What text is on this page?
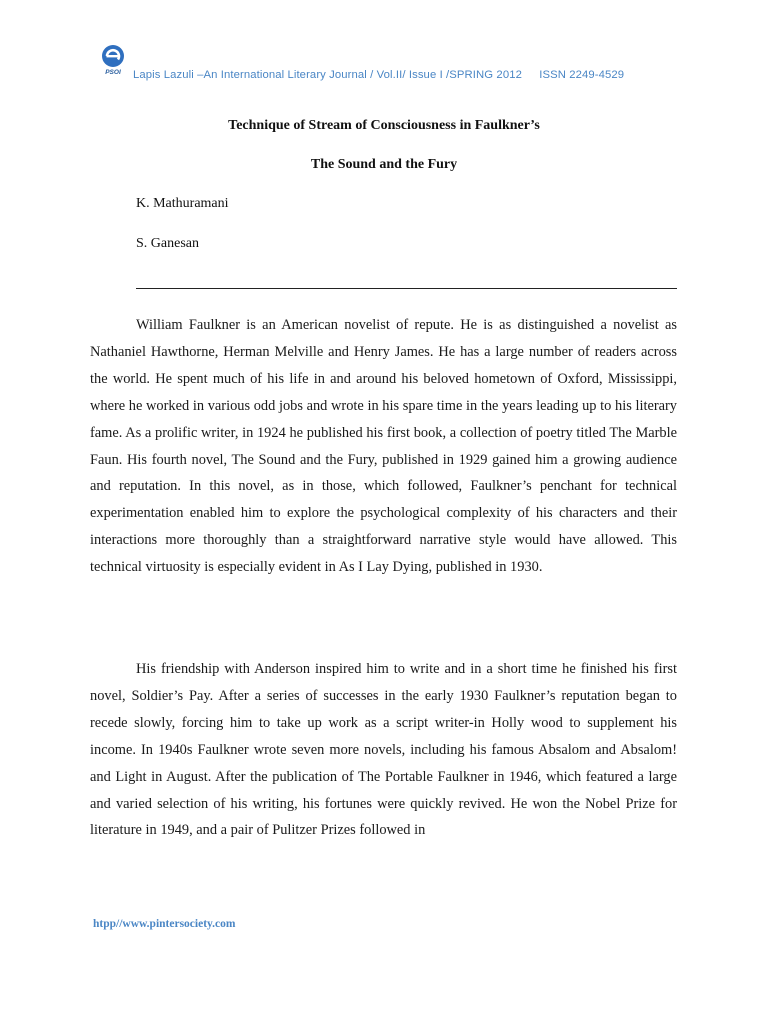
PSOI Lapis Lazuli –An International Literary Journal / Vol.II/ Issue I /SPRING 2012 ISSN 2249-4529
Technique of Stream of Consciousness in Faulkner’s
The Sound and the Fury
K. Mathuramani
S. Ganesan

William Faulkner is an American novelist of repute. He is as distinguished a novelist as Nathaniel Hawthorne, Herman Melville and Henry James. He has a large number of readers across the world. He spent much of his life in and around his beloved hometown of Oxford, Mississippi, where he worked in various odd jobs and wrote in his spare time in the years leading up to his literary fame. As a prolific writer, in 1924 he published his first book, a collection of poetry titled The Marble Faun. His fourth novel, The Sound and the Fury, published in 1929 gained him a growing audience and reputation. In this novel, as in those, which followed, Faulkner’s penchant for technical experimentation enabled him to explore the psychological complexity of his characters and their interactions more thoroughly than a straightforward narrative style would have allowed. This technical virtuosity is especially evident in As I Lay Dying, published in 1930.

His friendship with Anderson inspired him to write and in a short time he finished his first novel, Soldier’s Pay. After a series of successes in the early 1930 Faulkner’s reputation began to recede slowly, forcing him to take up work as a script writer-in Holly wood to supplement his income. In 1940s Faulkner wrote seven more novels, including his famous Absalom and Absalom! and Light in August. After the publication of The Portable Faulkner in 1946, which featured a large and varied selection of his writing, his fortunes were quickly revived. He won the Nobel Prize for literature in 1949, and a pair of Pulitzer Prizes followed in

htpp//www.pintersociety.com
